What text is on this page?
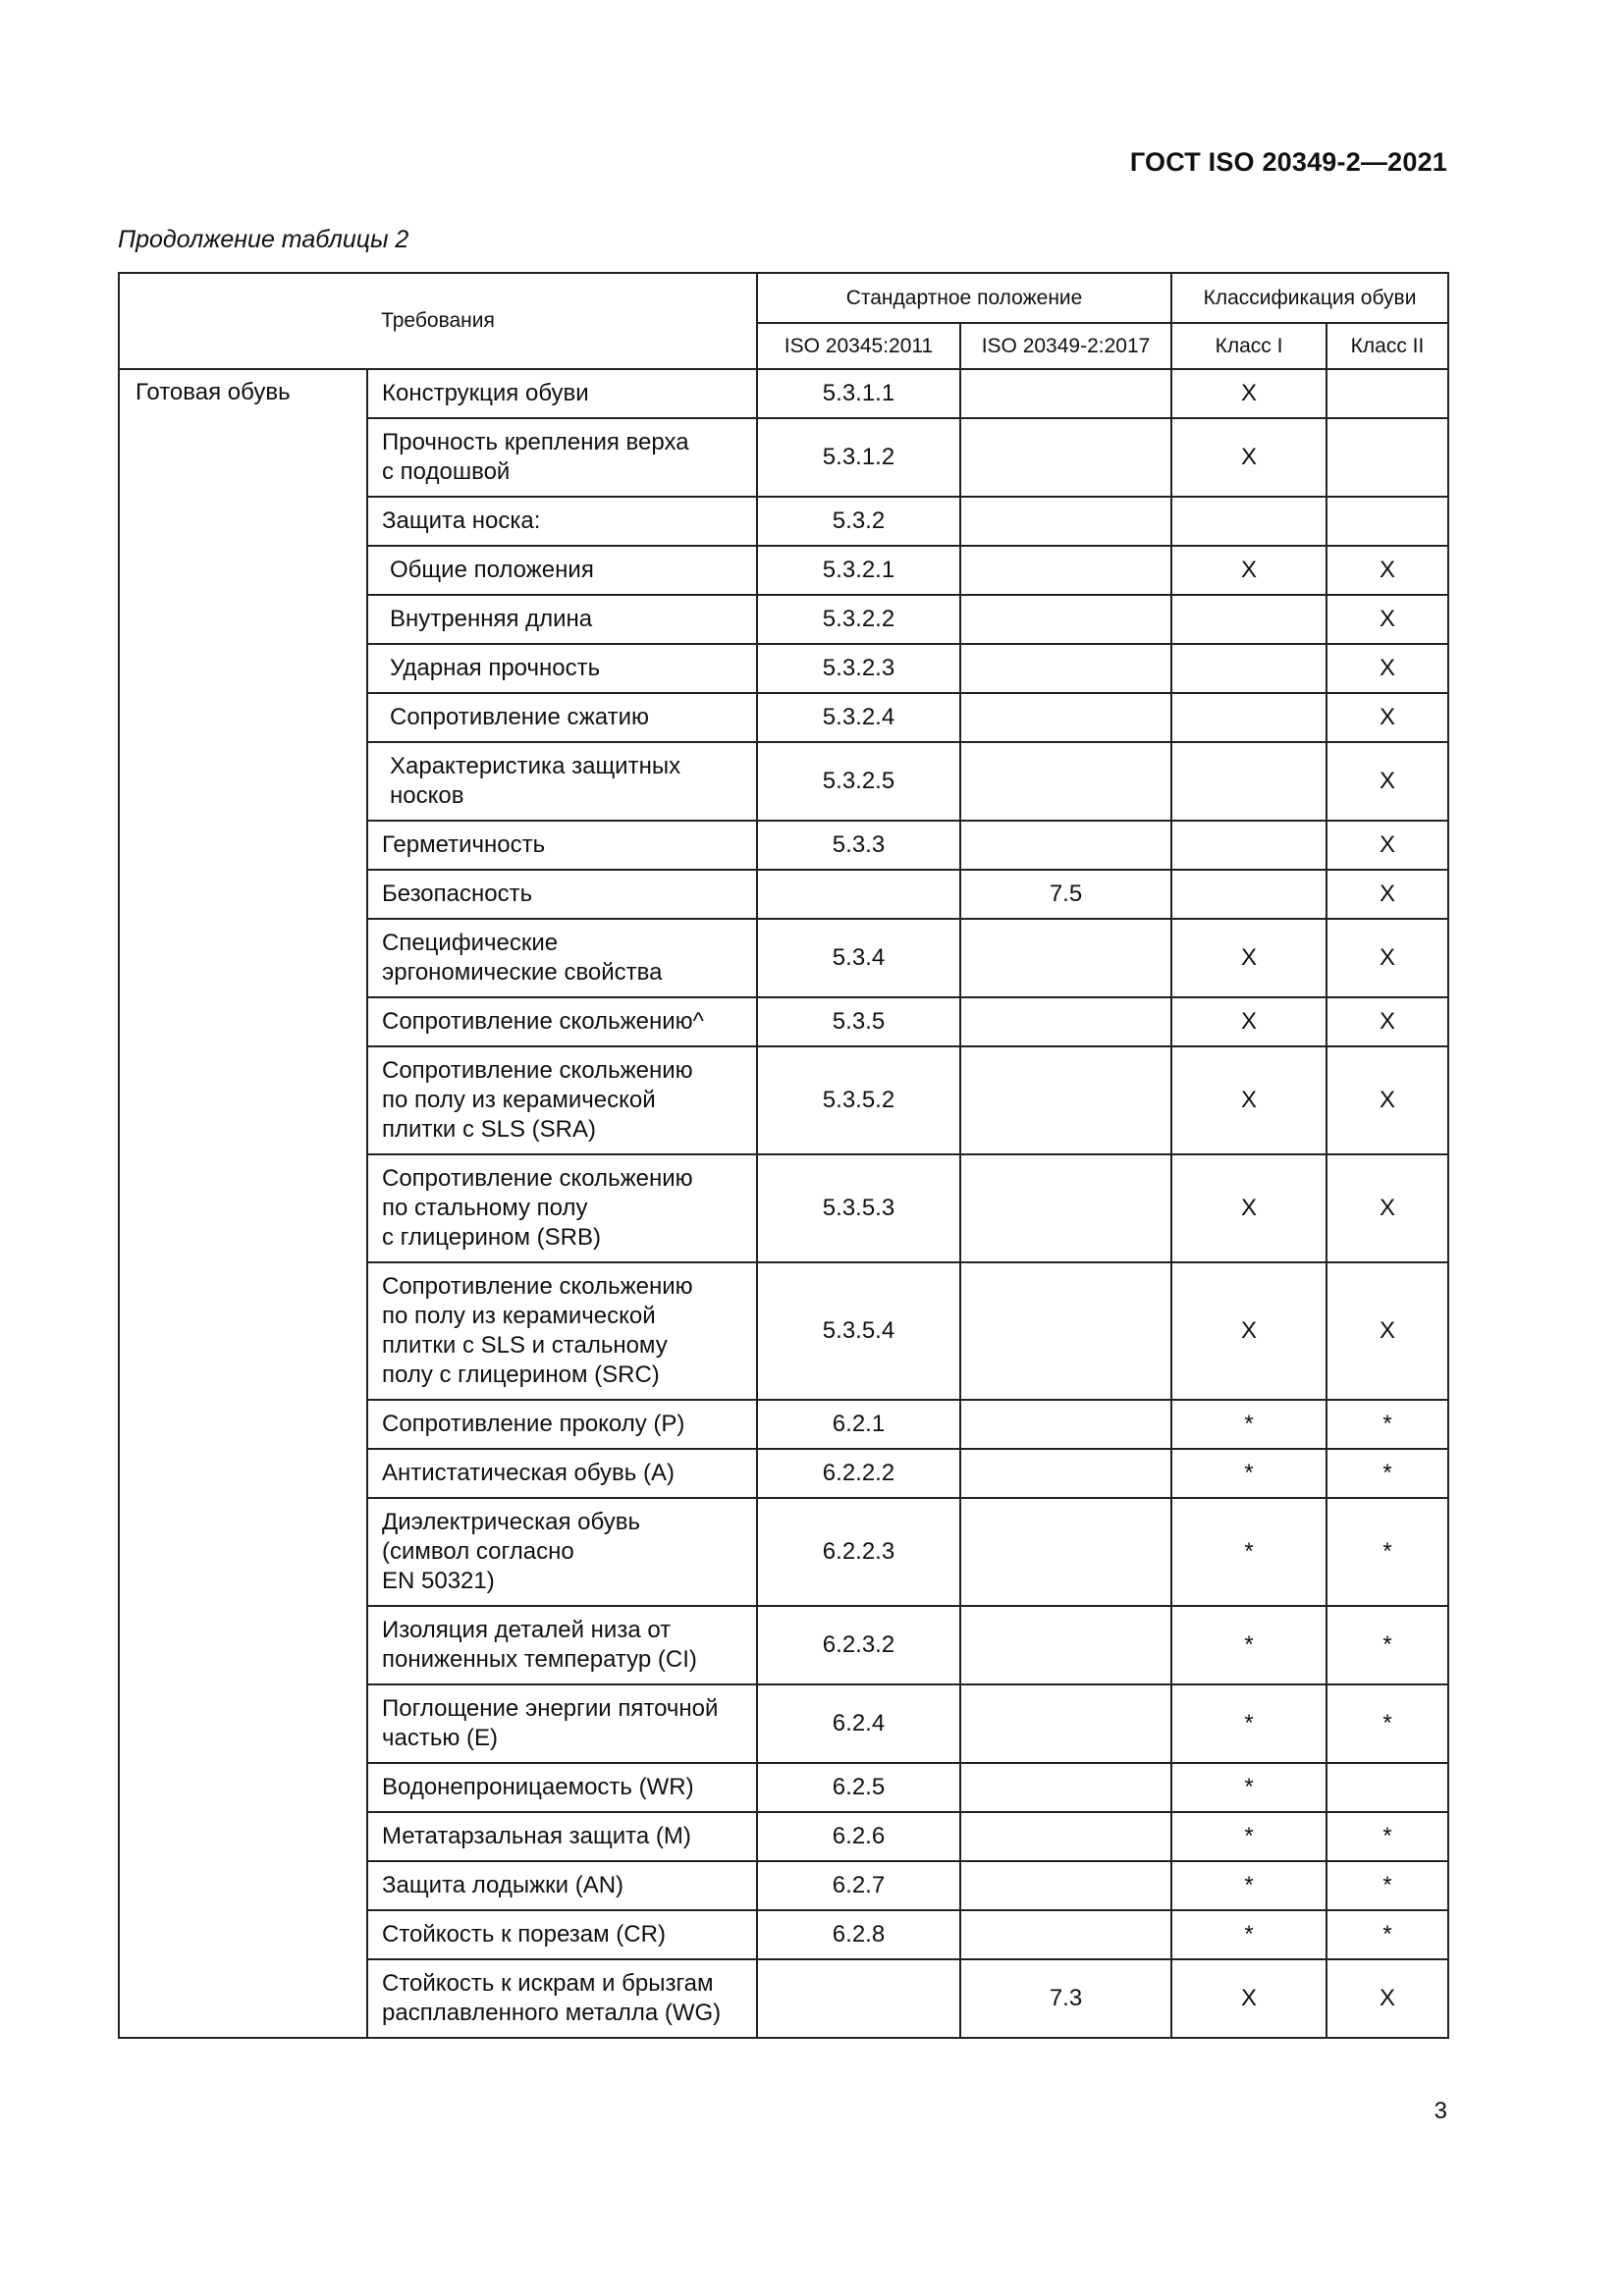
ГОСТ ISO 20349-2—2021
Продолжение таблицы 2
Требования		Стандартное положение		Классификация обуви	
		ISO 20345:2011	ISO 20349-2:2017	Класс I	Класс II
Готовая обувь	Конструкция обуви	5.3.1.1		X	
	Прочность крепления верха
с подошвой	5.3.1.2		X	
	Защита носка:	5.3.2			
	Общие положения	5.3.2.1		X	X
	Внутренняя длина	5.3.2.2			X
	Ударная прочность	5.3.2.3			X
	Сопротивление сжатию	5.3.2.4			X
	Характеристика защитных
носков	5.3.2.5			X
	Герметичность	5.3.3			X
	Безопасность		7.5		X
	Специфические
эргономические свойства	5.3.4		X	X
	Сопротивление скольжению^	5.3.5		X	X
	Сопротивление скольжению
по полу из керамической
плитки с SLS (SRA)	5.3.5.2		X	X
	Сопротивление скольжению
по стальному полу
с глицерином (SRB)	5.3.5.3		X	X
	Сопротивление скольжению
по полу из керамической
плитки с SLS и стальному
полу с глицерином (SRC)	5.3.5.4		X	X
	Сопротивление проколу (Р)	6.2.1		*	*
	Антистатическая обувь (А)	6.2.2.2		*	*
	Диэлектрическая обувь
(символ согласно
EN 50321)	6.2.2.3		*	*
	Изоляция деталей низа от
пониженных температур (CI)	6.2.3.2		*	*
	Поглощение энергии пяточной
частью (Е)	6.2.4		*	*
	Водонепроницаемость (WR)	6.2.5		*	
	Метатарзальная защита (М)	6.2.6		*	*
	Защита лодыжки (AN)	6.2.7		*	*
	Стойкость к порезам (CR)	6.2.8		*	*
	Стойкость к искрам и брызгам
расплавленного металла (WG)		7.3	X	X
3
